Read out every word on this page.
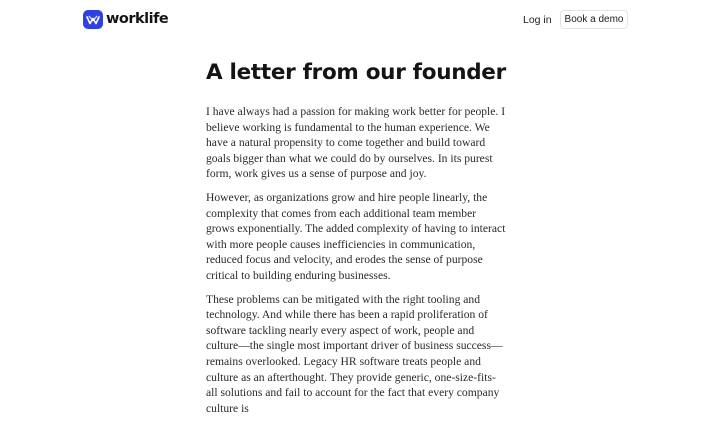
worklife	Log in	Book a demo
A letter from our founder

I have always had a passion for making work better for people. I believe working is fundamental to the human experience. We have a natural propensity to come together and build toward goals bigger than what we could do by ourselves. In its purest form, work gives us a sense of purpose and joy.

However, as organizations grow and hire people linearly, the complexity that comes from each additional team member grows exponentially. The added complexity of having to interact with more people causes inefficiencies in communication, reduced focus and velocity, and erodes the sense of purpose critical to building enduring businesses.

These problems can be mitigated with the right tooling and technology. And while there has been a rapid proliferation of software tackling nearly every aspect of work, people and culture—the single most important driver of business success—remains overlooked. Legacy HR software treats people and culture as an afterthought. They provide generic, one-size-fits-all solutions and fail to account for the fact that every company culture is
